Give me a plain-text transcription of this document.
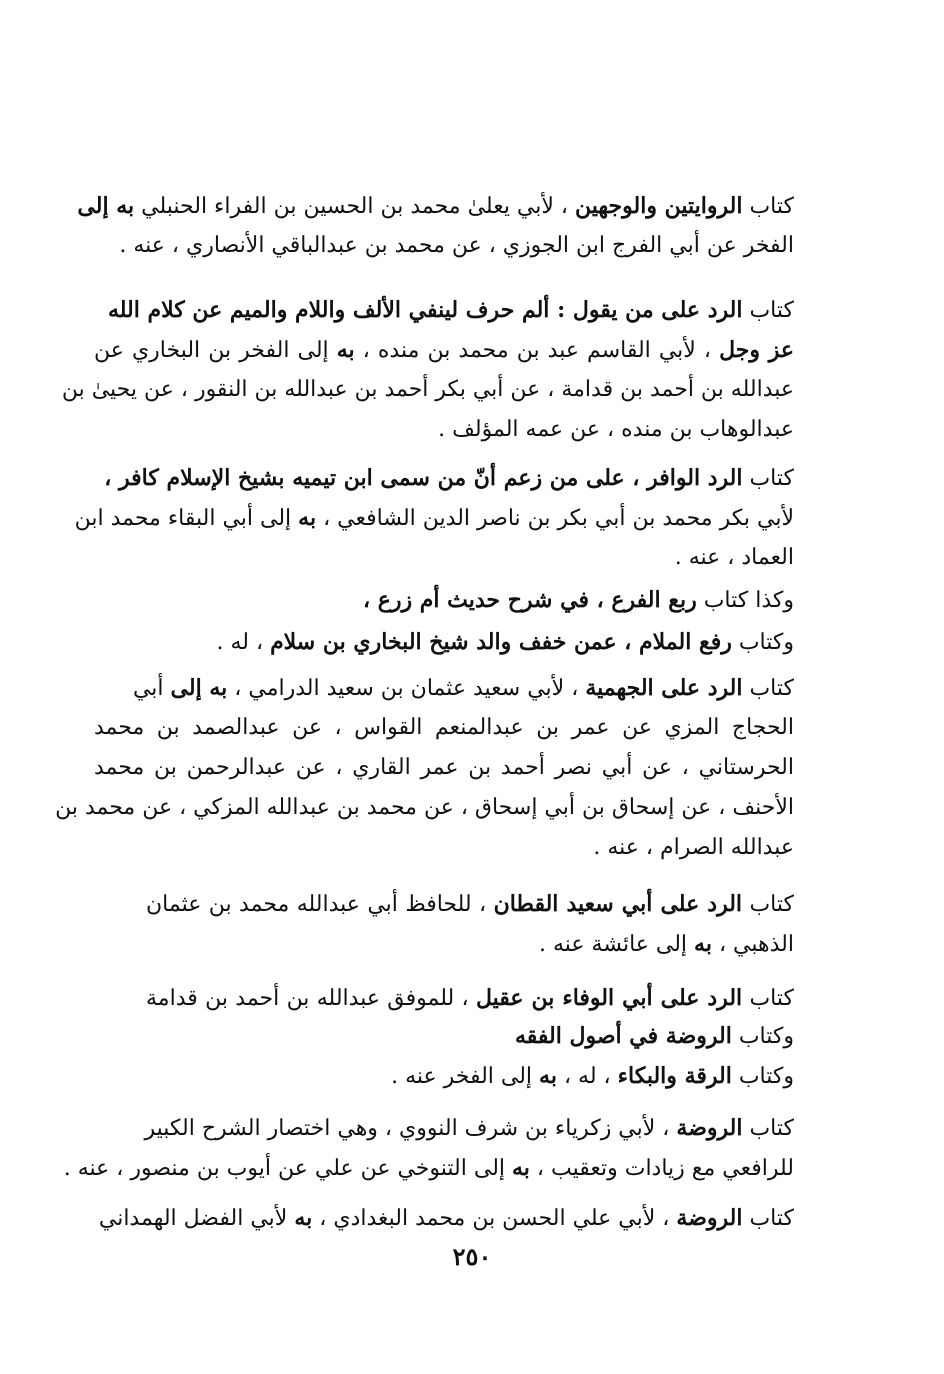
كتاب الروايتين والوجهين ، لأبي يعلىٰ محمد بن الحسين بن الفراء الحنبلي به إلى
الفخر عن أبي الفرج ابن الجوزي ، عن محمد بن عبدالباقي الأنصاري ، عنه .
كتاب الرد على من يقول : ألم حرف لينفي الألف واللام والميم عن كلام الله
عز وجل ، لأبي القاسم عبد بن محمد بن منده ، به إلى الفخر بن البخاري عن
عبدالله بن أحمد بن قدامة ، عن أبي بكر أحمد بن عبدالله بن النقور ، عن يحيىٰ بن
عبدالوهاب بن منده ، عن عمه المؤلف .
كتاب الرد الوافر ، على من زعم أنّ من سمى ابن تيميه بشيخ الإسلام كافر ،
لأبي بكر محمد بن أبي بكر بن ناصر الدين الشافعي ، به إلى أبي البقاء محمد ابن
العماد ، عنه .
وكذا كتاب ربع الفرع ، في شرح حديث أم زرع ،
وكتاب رفع الملام ، عمن خفف والد شيخ البخاري بن سلام ، له .
كتاب الرد على الجهمية ، لأبي سعيد عثمان بن سعيد الدرامي ، به إلى أبي
الحجاج المزي عن عمر بن عبدالمنعم القواس ، عن عبدالصمد بن محمد
الحرستاني ، عن أبي نصر أحمد بن عمر القاري ، عن عبدالرحمن بن محمد
الأحنف ، عن إسحاق بن أبي إسحاق ، عن محمد بن عبدالله المزكي ، عن محمد بن
عبدالله الصرام ، عنه .
كتاب الرد على أبي سعيد القطان ، للحافظ أبي عبدالله محمد بن عثمان
الذهبي ، به إلى عائشة عنه .
كتاب الرد على أبي الوفاء بن عقيل ، للموفق عبدالله بن أحمد بن قدامة
وكتاب الروضة في أصول الفقه
وكتاب الرقة والبكاء ، له ، به إلى الفخر عنه .
كتاب الروضة ، لأبي زكرياء بن شرف النووي ، وهي اختصار الشرح الكبير
للرافعي مع زيادات وتعقيب ، به إلى التنوخي عن علي عن أيوب بن منصور ، عنه .
كتاب الروضة ، لأبي علي الحسن بن محمد البغدادي ، به لأبي الفضل الهمداني
٢٥٠
